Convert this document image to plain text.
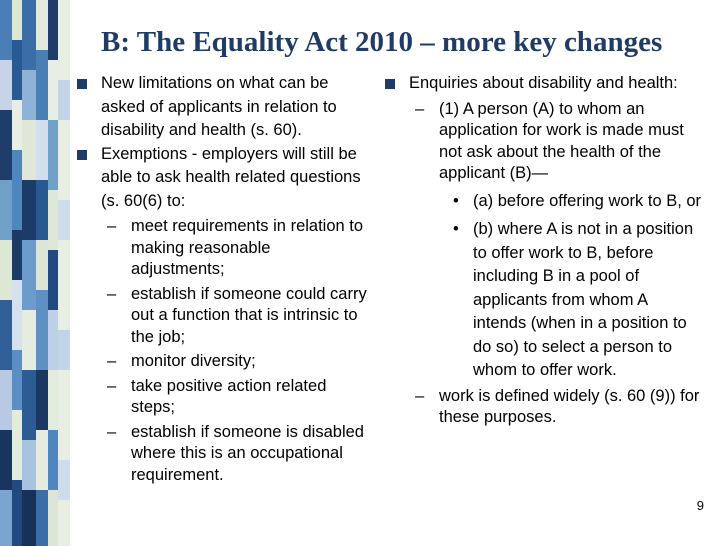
B: The Equality Act 2010 – more key changes

New limitations on what can be asked of applicants in relation to disability and health (s. 60).

Exemptions - employers will still be able to ask health related questions (s. 60(6) to:

– meet requirements in relation to making reasonable adjustments;

– establish if someone could carry out a function that is intrinsic to the job;

– monitor diversity;

– take positive action related steps;

– establish if someone is disabled where this is an occupational requirement.

Enquiries about disability and health:

– (1) A person (A) to whom an application for work is made must not ask about the health of the applicant (B)—

• (a) before offering work to B, or

• (b) where A is not in a position to offer work to B, before including B in a pool of applicants from whom A intends (when in a position to do so) to select a person to whom to offer work.

– work is defined widely (s. 60 (9)) for these purposes.

9
